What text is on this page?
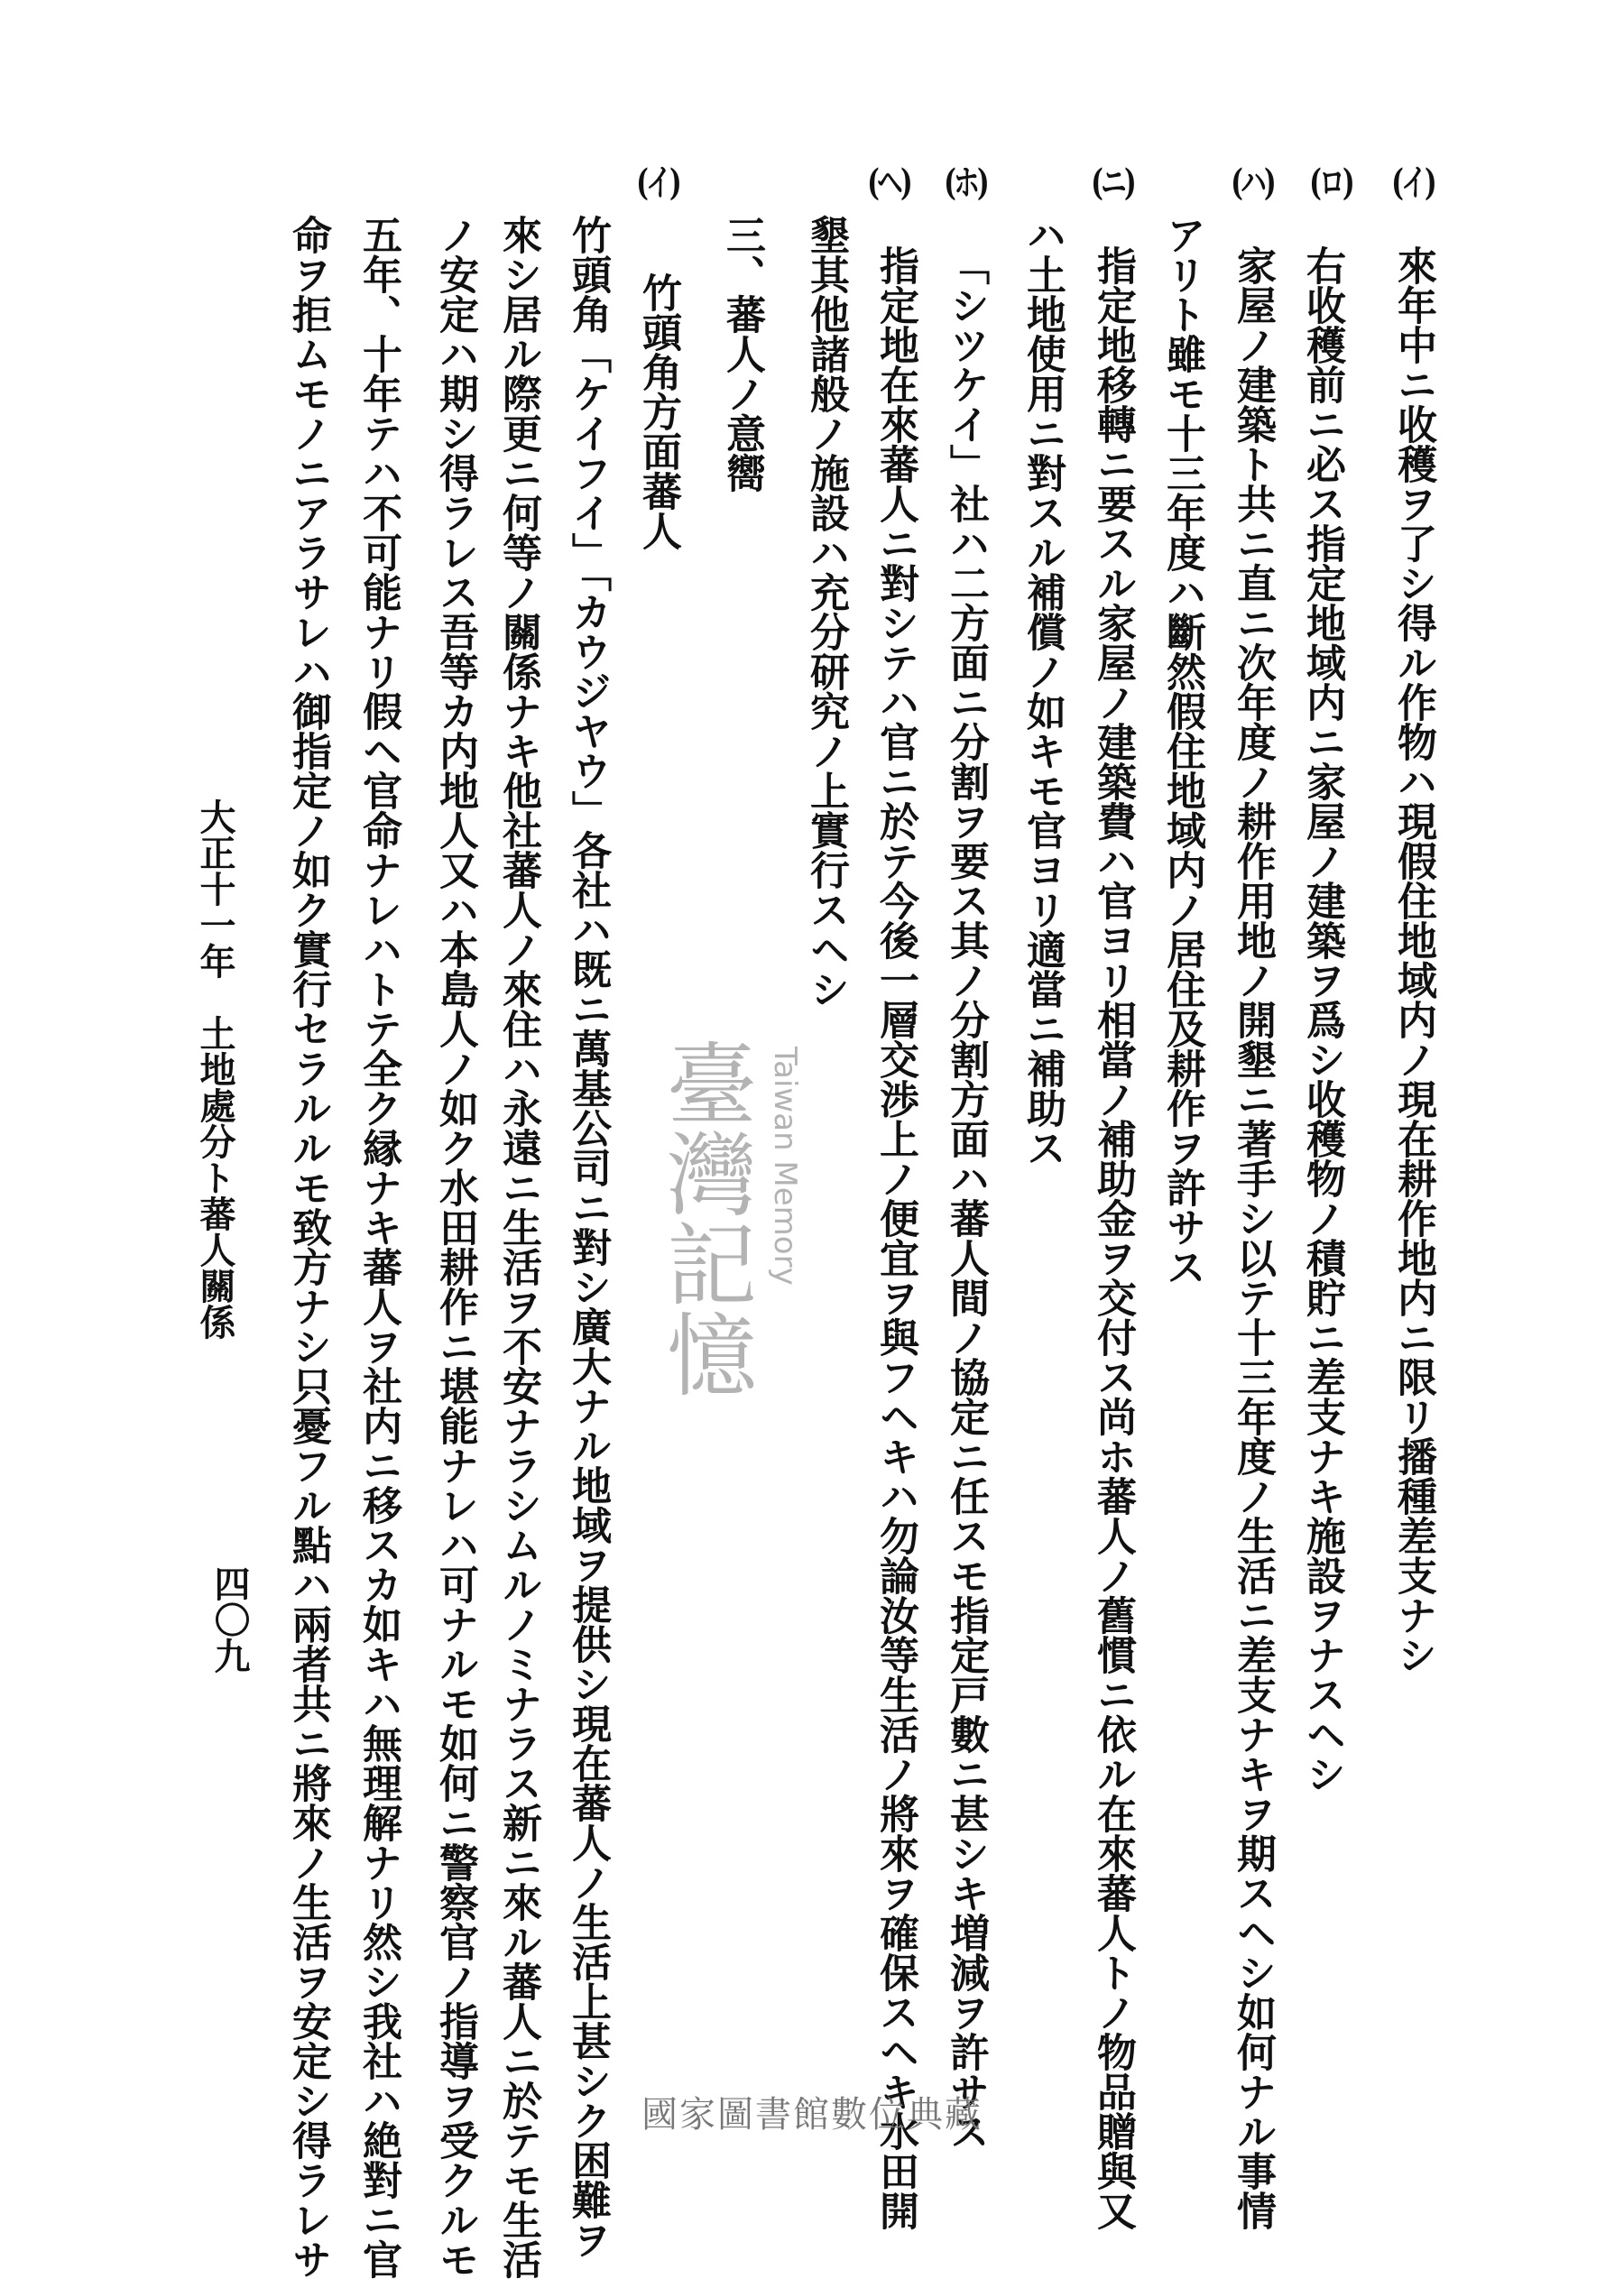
(イ)
(ロ)
(ハ)
(ニ)
(ホ)
(ヘ)
(イ)
來年中ニ收穫ヲ了シ得ル作物ハ現假住地域内ノ現在耕作地内ニ限リ播種差支ナシ
右收穫前ニ必ス指定地域内ニ家屋ノ建築ヲ爲シ收穫物ノ積貯ニ差支ナキ施設ヲナスヘシ
家屋ノ建築ト共ニ直ニ次年度ノ耕作用地ノ開墾ニ著手シ以テ十三年度ノ生活ニ差支ナキヲ期スヘシ如何ナル事情
アリト雖モ十三年度ハ斷然假住地域内ノ居住及耕作ヲ許サス
指定地移轉ニ要スル家屋ノ建築費ハ官ヨリ相當ノ補助金ヲ交付ス尚ホ蕃人ノ舊慣ニ依ル在來蕃人トノ物品贈與又
ハ土地使用ニ對スル補償ノ如キモ官ヨリ適當ニ補助ス
「シツケイ」社ハ二方面ニ分割ヲ要ス其ノ分割方面ハ蕃人間ノ協定ニ任スモ指定戸數ニ甚シキ増減ヲ許サス
指定地在來蕃人ニ對シテハ官ニ於テ今後一層交渉上ノ便宜ヲ與フヘキハ勿論汝等生活ノ將來ヲ確保スヘキ水田開
墾其他諸般ノ施設ハ充分研究ノ上實行スヘシ
三、蕃人ノ意嚮
竹頭角方面蕃人
竹頭角「ケイフイ」「カウジヤウ」各社ハ既ニ萬基公司ニ對シ廣大ナル地域ヲ提供シ現在蕃人ノ生活上甚シク困難ヲ
來シ居ル際更ニ何等ノ關係ナキ他社蕃人ノ來住ハ永遠ニ生活ヲ不安ナラシムルノミナラス新ニ來ル蕃人ニ於テモ生活
ノ安定ハ期シ得ラレス吾等カ内地人又ハ本島人ノ如ク水田耕作ニ堪能ナレハ可ナルモ如何ニ警察官ノ指導ヲ受クルモ
五年、十年テハ不可能ナリ假ヘ官命ナレハトテ全ク縁ナキ蕃人ヲ社内ニ移スカ如キハ無理解ナリ然シ我社ハ絶對ニ官
命ヲ拒ムモノニアラサレハ御指定ノ如ク實行セラルルモ致方ナシ只憂フル點ハ兩者共ニ將來ノ生活ヲ安定シ得ラレサ
大正十一年　土地處分ト蕃人關係
四〇九
臺灣記憶 Taiwan Memory
國家圖書館數位典藏
